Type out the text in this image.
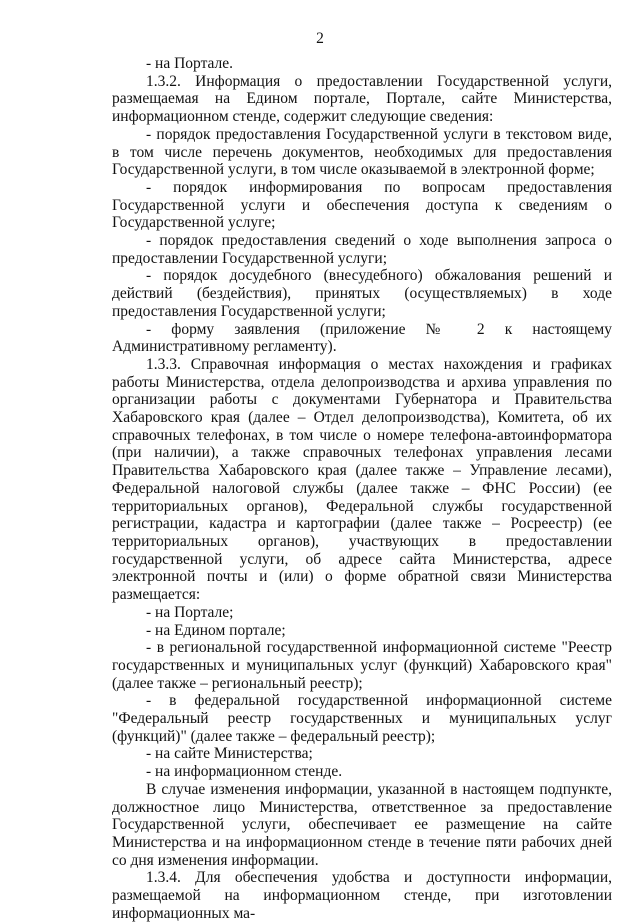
2

- на Портале.

1.3.2. Информация о предоставлении Государственной услуги, размещаемая на Едином портале, Портале, сайте Министерства, информационном стенде, содержит следующие сведения:

- порядок предоставления Государственной услуги в текстовом виде, в том числе перечень документов, необходимых для предоставления Государственной услуги, в том числе оказываемой в электронной форме;

- порядок информирования по вопросам предоставления Государственной услуги и обеспечения доступа к сведениям о Государственной услуге;

- порядок предоставления сведений о ходе выполнения запроса о предоставлении Государственной услуги;

- порядок досудебного (внесудебного) обжалования решений и действий (бездействия), принятых (осуществляемых) в ходе предоставления Государственной услуги;

- форму заявления (приложение № 2 к настоящему Административному регламенту).

1.3.3. Справочная информация о местах нахождения и графиках работы Министерства, отдела делопроизводства и архива управления по организации работы с документами Губернатора и Правительства Хабаровского края (далее – Отдел делопроизводства), Комитета, об их справочных телефонах, в том числе о номере телефона-автоинформатора (при наличии), а также справочных телефонах управления лесами Правительства Хабаровского края (далее также – Управление лесами), Федеральной налоговой службы (далее также – ФНС России) (ее территориальных органов), Федеральной службы государственной регистрации, кадастра и картографии (далее также – Росреестр) (ее территориальных органов), участвующих в предоставлении государственной услуги, об адресе сайта Министерства, адресе электронной почты и (или) о форме обратной связи Министерства размещается:

- на Портале;

- на Едином портале;

- в региональной государственной информационной системе "Реестр государственных и муниципальных услуг (функций) Хабаровского края" (далее также – региональный реестр);

- в федеральной государственной информационной системе "Федеральный реестр государственных и муниципальных услуг (функций)" (далее также – федеральный реестр);

- на сайте Министерства;

- на информационном стенде.

В случае изменения информации, указанной в настоящем подпункте, должностное лицо Министерства, ответственное за предоставление Государственной услуги, обеспечивает ее размещение на сайте Министерства и на информационном стенде в течение пяти рабочих дней со дня изменения информации.

1.3.4. Для обеспечения удобства и доступности информации, размещаемой на информационном стенде, при изготовлении информационных ма-
